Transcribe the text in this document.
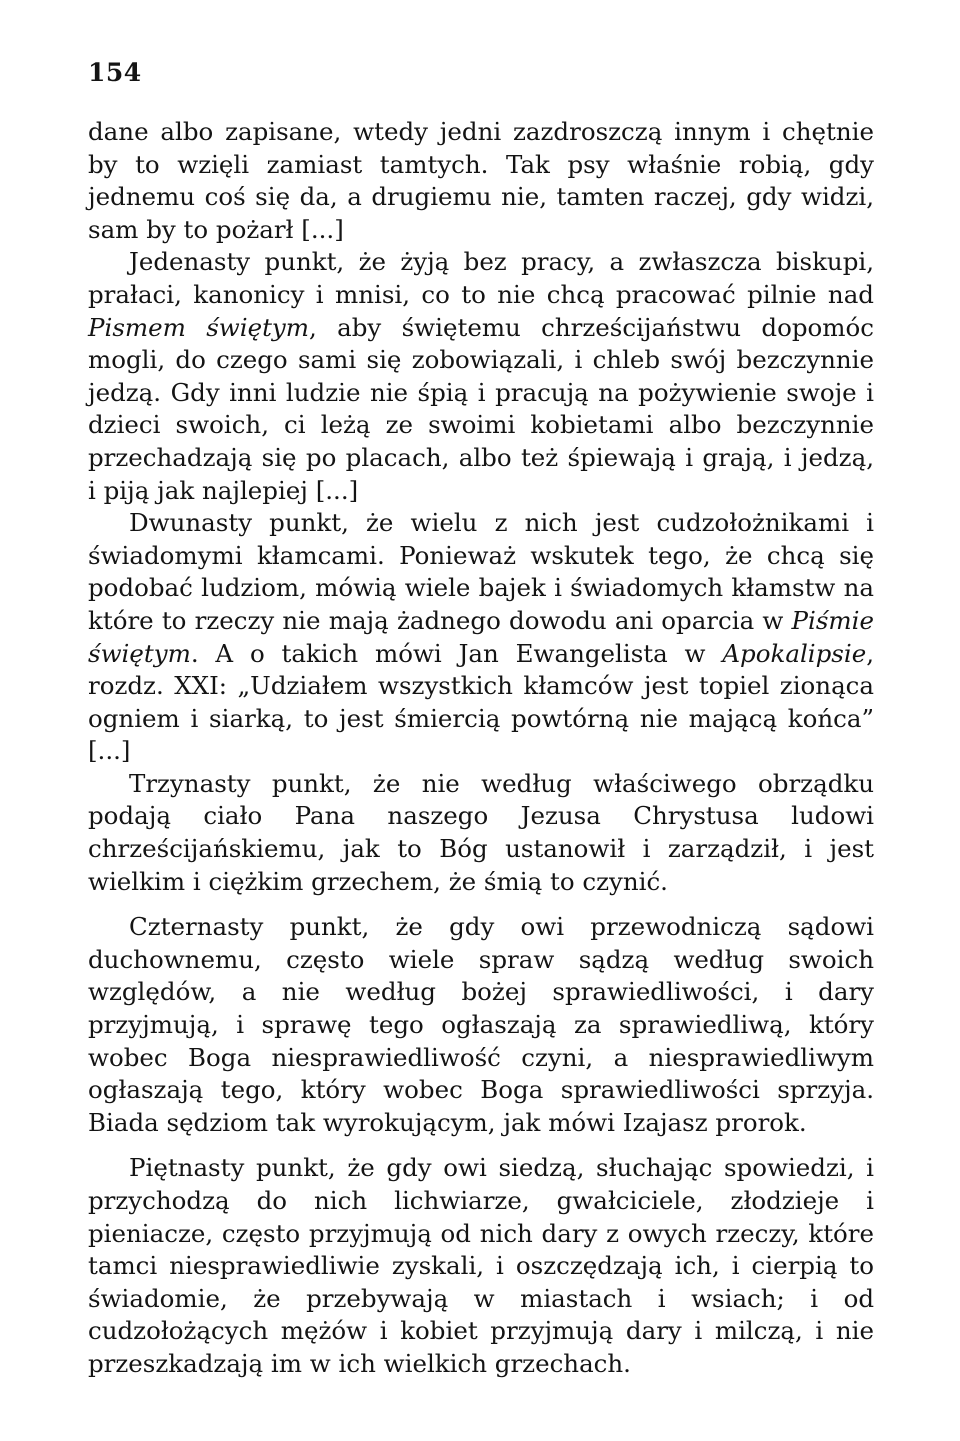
154

dane albo zapisane, wtedy jedni zazdroszczą innym i chętnie by to wzięli zamiast tamtych. Tak psy właśnie robią, gdy jednemu coś się da, a drugiemu nie, tamten raczej, gdy widzi, sam by to pożarł [...]

Jedenasty punkt, że żyją bez pracy, a zwłaszcza biskupi, prałaci, kanonicy i mnisi, co to nie chcą pracować pilnie nad Pismem świętym, aby świętemu chrześcijaństwu dopomóc mogli, do czego sami się zobowiązali, i chleb swój bezczynnie jedzą. Gdy inni ludzie nie śpią i pracują na pożywienie swoje i dzieci swoich, ci leżą ze swoimi kobietami albo bezczynnie przechadzają się po placach, albo też śpiewają i grają, i jedzą, i piją jak najlepiej [...]

Dwunasty punkt, że wielu z nich jest cudzołożnikami i świadomymi kłamcami. Ponieważ wskutek tego, że chcą się podobać ludziom, mówią wiele bajek i świadomych kłamstw na które to rzeczy nie mają żadnego dowodu ani oparcia w Piśmie świętym. A o takich mówi Jan Ewangelista w Apokalipsie, rozdz. XXI: „Udziałem wszystkich kłamców jest topiel zionąca ogniem i siarką, to jest śmiercią powtórną nie mającą końca” [...]

Trzynasty punkt, że nie według właściwego obrządku podają ciało Pana naszego Jezusa Chrystusa ludowi chrześcijańskiemu, jak to Bóg ustanowił i zarządził, i jest wielkim i ciężkim grzechem, że śmią to czynić.

Czternasty punkt, że gdy owi przewodniczą sądowi duchownemu, często wiele spraw sądzą według swoich względów, a nie według bożej sprawiedliwości, i dary przyjmują, i sprawę tego ogłaszają za sprawiedliwą, który wobec Boga niesprawiedliwość czyni, a niesprawiedliwym ogłaszają tego, który wobec Boga sprawiedliwości sprzyja. Biada sędziom tak wyrokującym, jak mówi Izajasz prorok.

Piętnasty punkt, że gdy owi siedzą, słuchając spowiedzi, i przychodzą do nich lichwiarze, gwałciciele, złodzieje i pieniacze, często przyjmują od nich dary z owych rzeczy, które tamci niesprawiedliwie zyskali, i oszczędzają ich, i cierpią to świadomie, że przebywają w miastach i wsiach; i od cudzołożących mężów i kobiet przyjmują dary i milczą, i nie przeszkadzają im w ich wielkich grzechach.
